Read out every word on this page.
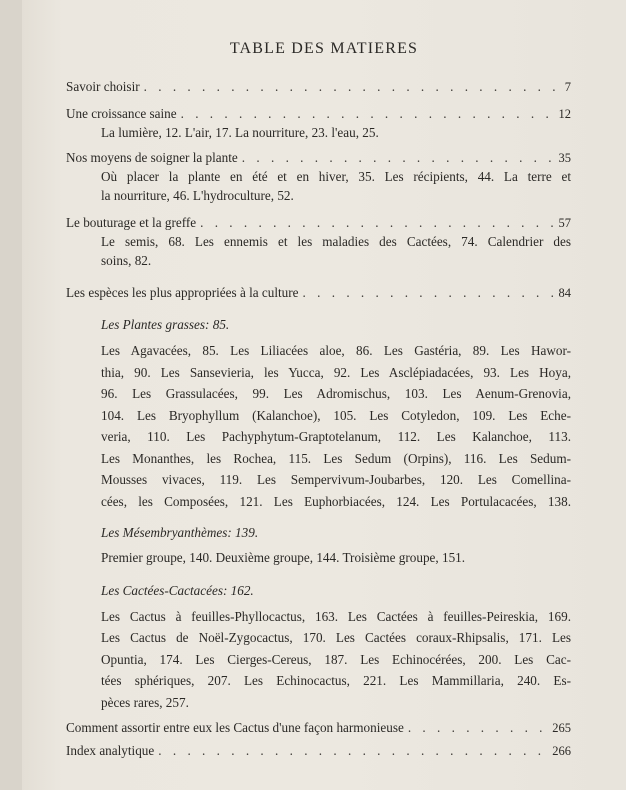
TABLE DES MATIERES
Savoir choisir . . .	7
Une croissance saine . . .	12
La lumière, 12. L'air, 17. La nourriture, 23. l'eau, 25.
Nos moyens de soigner la plante . . .	35
Où placer la plante en été et en hiver, 35. Les récipients, 44. La terre et
la nourriture, 46. L'hydroculture, 52.
Le bouturage et la greffe . . .	57
Le semis, 68. Les ennemis et les maladies des Cactées, 74. Calendrier des
soins, 82.
Les espèces les plus appropriées à la culture . . .	84
Les Plantes grasses: 85.
Les Agavacées, 85. Les Liliacées aloe, 86. Les Gastéria, 89. Les Hawor-
thia, 90. Les Sansevieria, les Yucca, 92. Les Asclépiadacées, 93. Les Hoya,
96. Les Grassulacées, 99. Les Adromischus, 103. Les Aenum-Grenovia,
104. Les Bryophyllum (Kalanchoe), 105. Les Cotyledon, 109. Les Eche-
veria, 110. Les Pachyphytum-Graptotelanum, 112. Les Kalanchoe, 113.
Les Monanthes, les Rochea, 115. Les Sedum (Orpins), 116. Les Sedum-
Mousses vivaces, 119. Les Sempervivum-Joubarbes, 120. Les Comellina-
cées, les Composées, 121. Les Euphorbiacées, 124. Les Portulacacées, 138.
Les Mésembryanthèmes: 139.
Premier groupe, 140. Deuxième groupe, 144. Troisième groupe, 151.
Les Cactées-Cactacées: 162.
Les Cactus à feuilles-Phyllocactus, 163. Les Cactées à feuilles-Peireskia, 169.
Les Cactus de Noël-Zygocactus, 170. Les Cactées coraux-Rhipsalis, 171. Les
Opuntia, 174. Les Cierges-Cereus, 187. Les Echinocérées, 200. Les Cac-
tées sphériques, 207. Les Echinocactus, 221. Les Mammillaria, 240. Es-
pèces rares, 257.
Comment assortir entre eux les Cactus d'une façon harmonieuse . . .	265
Index analytique . . .	266
